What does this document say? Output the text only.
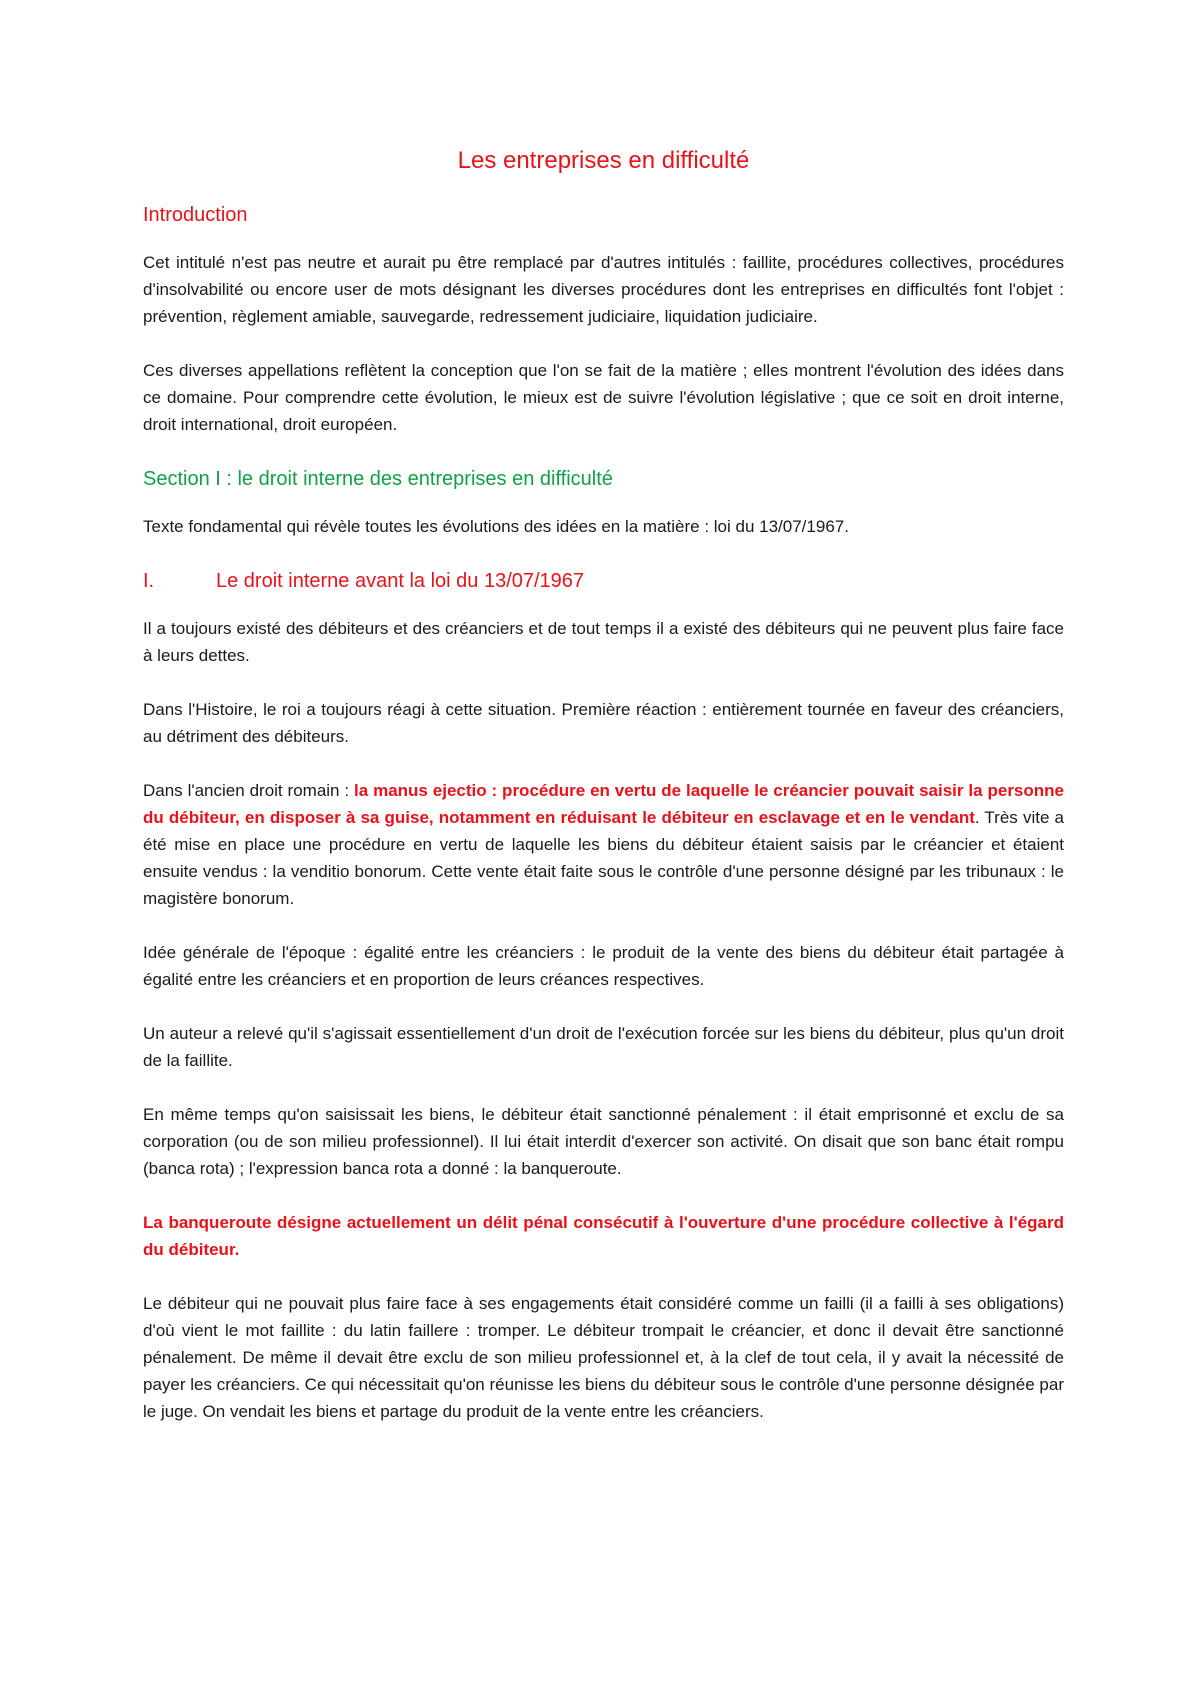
Les entreprises en difficulté
Introduction

Cet intitulé n'est pas neutre et aurait pu être remplacé par d'autres intitulés : faillite, procédures collectives, procédures d'insolvabilité ou encore user de mots désignant les diverses procédures dont les entreprises en difficultés font l'objet : prévention, règlement amiable, sauvegarde, redressement judiciaire, liquidation judiciaire.

Ces diverses appellations reflètent la conception que l'on se fait de la matière ; elles montrent l'évolution des idées dans ce domaine. Pour comprendre cette évolution, le mieux est de suivre l'évolution législative ; que ce soit en droit interne, droit international, droit européen.

Section I : le droit interne des entreprises en difficulté

Texte fondamental qui révèle toutes les évolutions des idées en la matière : loi du 13/07/1967.

I.	Le droit interne avant la loi du 13/07/1967

Il a toujours existé des débiteurs et des créanciers et de tout temps il a existé des débiteurs qui ne peuvent plus faire face à leurs dettes.

Dans l'Histoire, le roi a toujours réagi à cette situation. Première réaction : entièrement tournée en faveur des créanciers, au détriment des débiteurs.

Dans l'ancien droit romain : la manus ejectio : procédure en vertu de laquelle le créancier pouvait saisir la personne du débiteur, en disposer à sa guise, notamment en réduisant le débiteur en esclavage et en le vendant. Très vite a été mise en place une procédure en vertu de laquelle les biens du débiteur étaient saisis par le créancier et étaient ensuite vendus : la venditio bonorum. Cette vente était faite sous le contrôle d'une personne désigné par les tribunaux : le magistère bonorum.

Idée générale de l'époque : égalité entre les créanciers : le produit de la vente des biens du débiteur était partagée à égalité entre les créanciers et en proportion de leurs créances respectives.

Un auteur a relevé qu'il s'agissait essentiellement d'un droit de l'exécution forcée sur les biens du débiteur, plus qu'un droit de la faillite.

En même temps qu'on saisissait les biens, le débiteur était sanctionné pénalement : il était emprisonné et exclu de sa corporation (ou de son milieu professionnel). Il lui était interdit d'exercer son activité. On disait que son banc était rompu (banca rota) ; l'expression banca rota a donné : la banqueroute.

La banqueroute désigne actuellement un délit pénal consécutif à l'ouverture d'une procédure collective à l'égard du débiteur.

Le débiteur qui ne pouvait plus faire face à ses engagements était considéré comme un failli (il a failli à ses obligations) d'où vient le mot faillite : du latin faillere : tromper. Le débiteur trompait le créancier, et donc il devait être sanctionné pénalement. De même il devait être exclu de son milieu professionnel et, à la clef de tout cela, il y avait la nécessité de payer les créanciers. Ce qui nécessitait qu'on réunisse les biens du débiteur sous le contrôle d'une personne désignée par le juge. On vendait les biens et partage du produit de la vente entre les créanciers.
